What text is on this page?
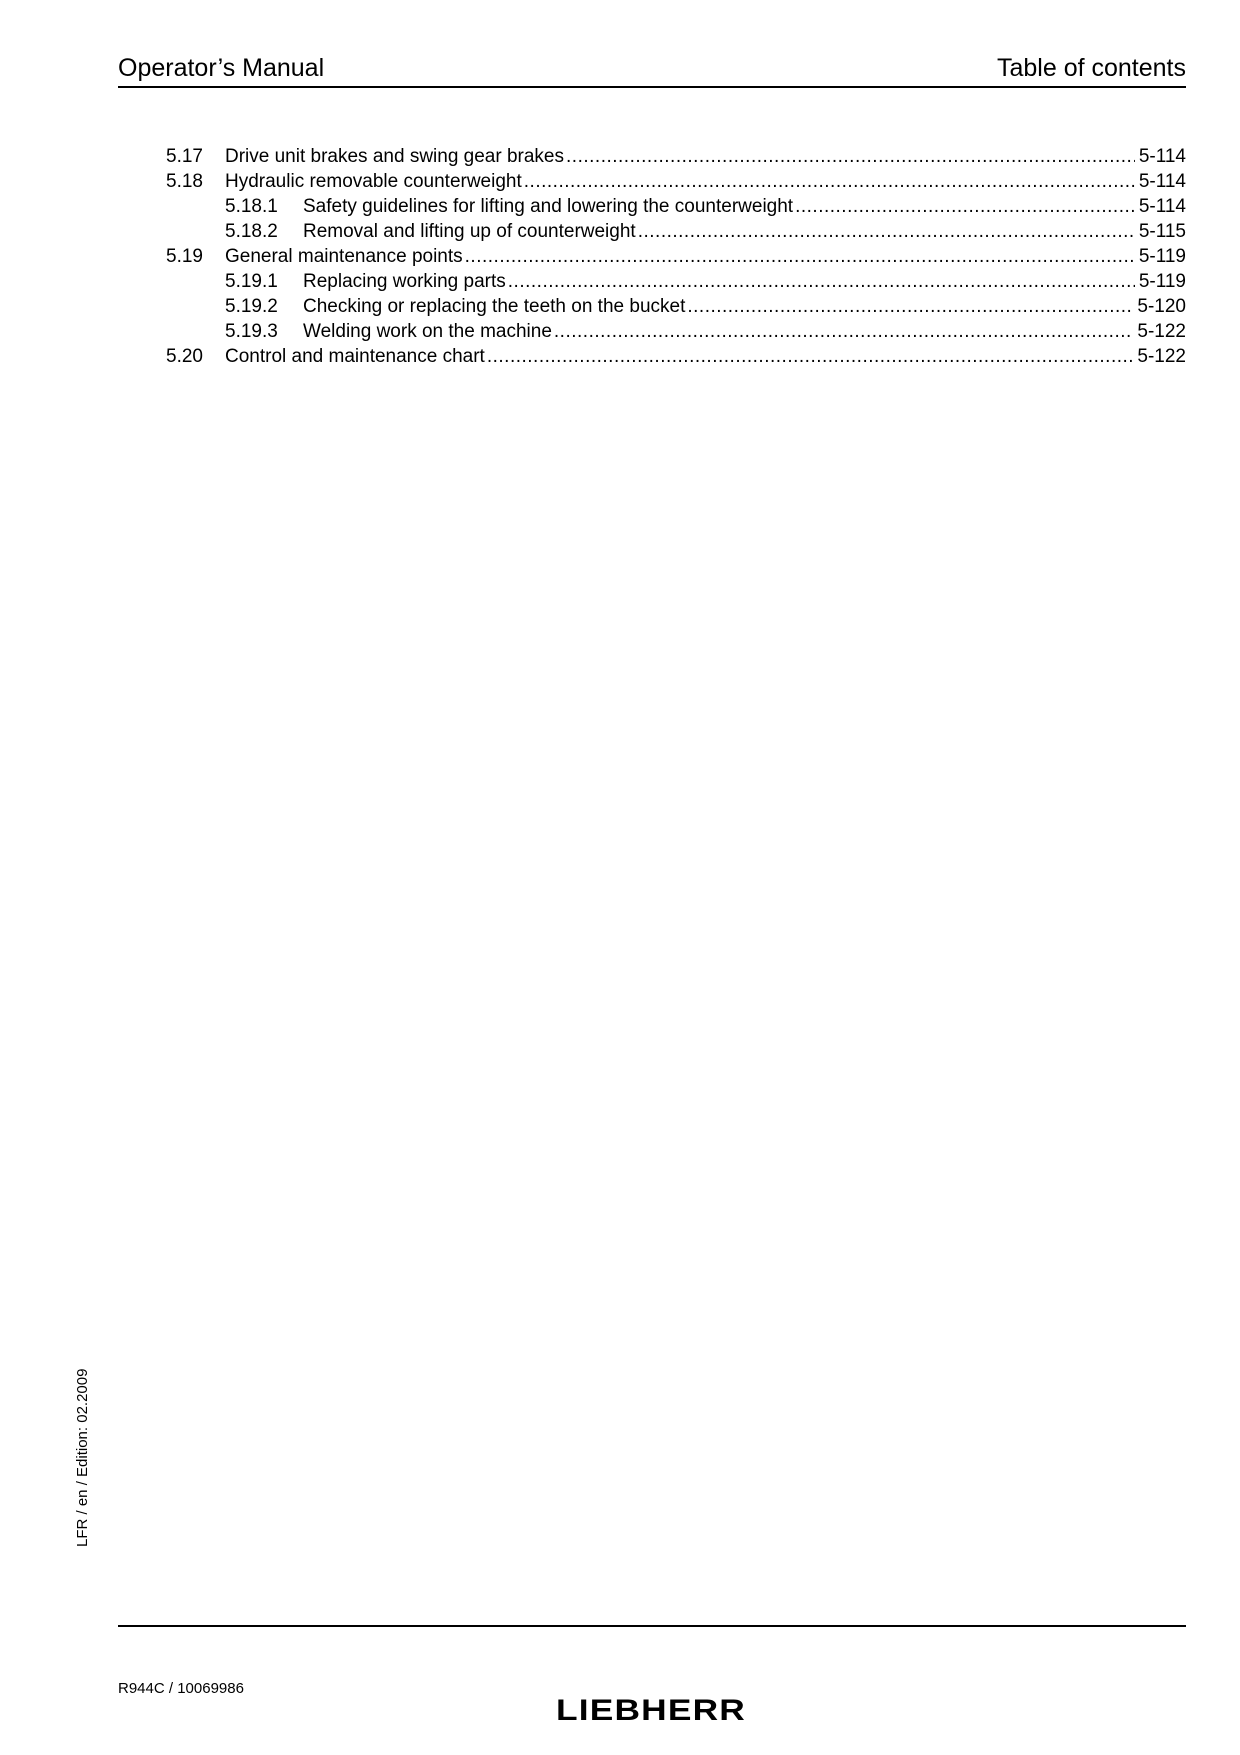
Operator’s Manual	Table of contents
5.17	Drive unit brakes and swing gear brakes .....	5-114
5.18	Hydraulic removable counterweight .....	5-114
5.18.1	Safety guidelines for lifting and lowering the counterweight .....	5-114
5.18.2	Removal and lifting up of counterweight .....	5-115
5.19	General maintenance points .....	5-119
5.19.1	Replacing working parts .....	5-119
5.19.2	Checking or replacing the teeth on the bucket .....	5-120
5.19.3	Welding work on the machine .....	5-122
5.20	Control and maintenance chart .....	5-122
LFR / en / Edition: 02.2009
R944C / 10069986
LIEBHERR
